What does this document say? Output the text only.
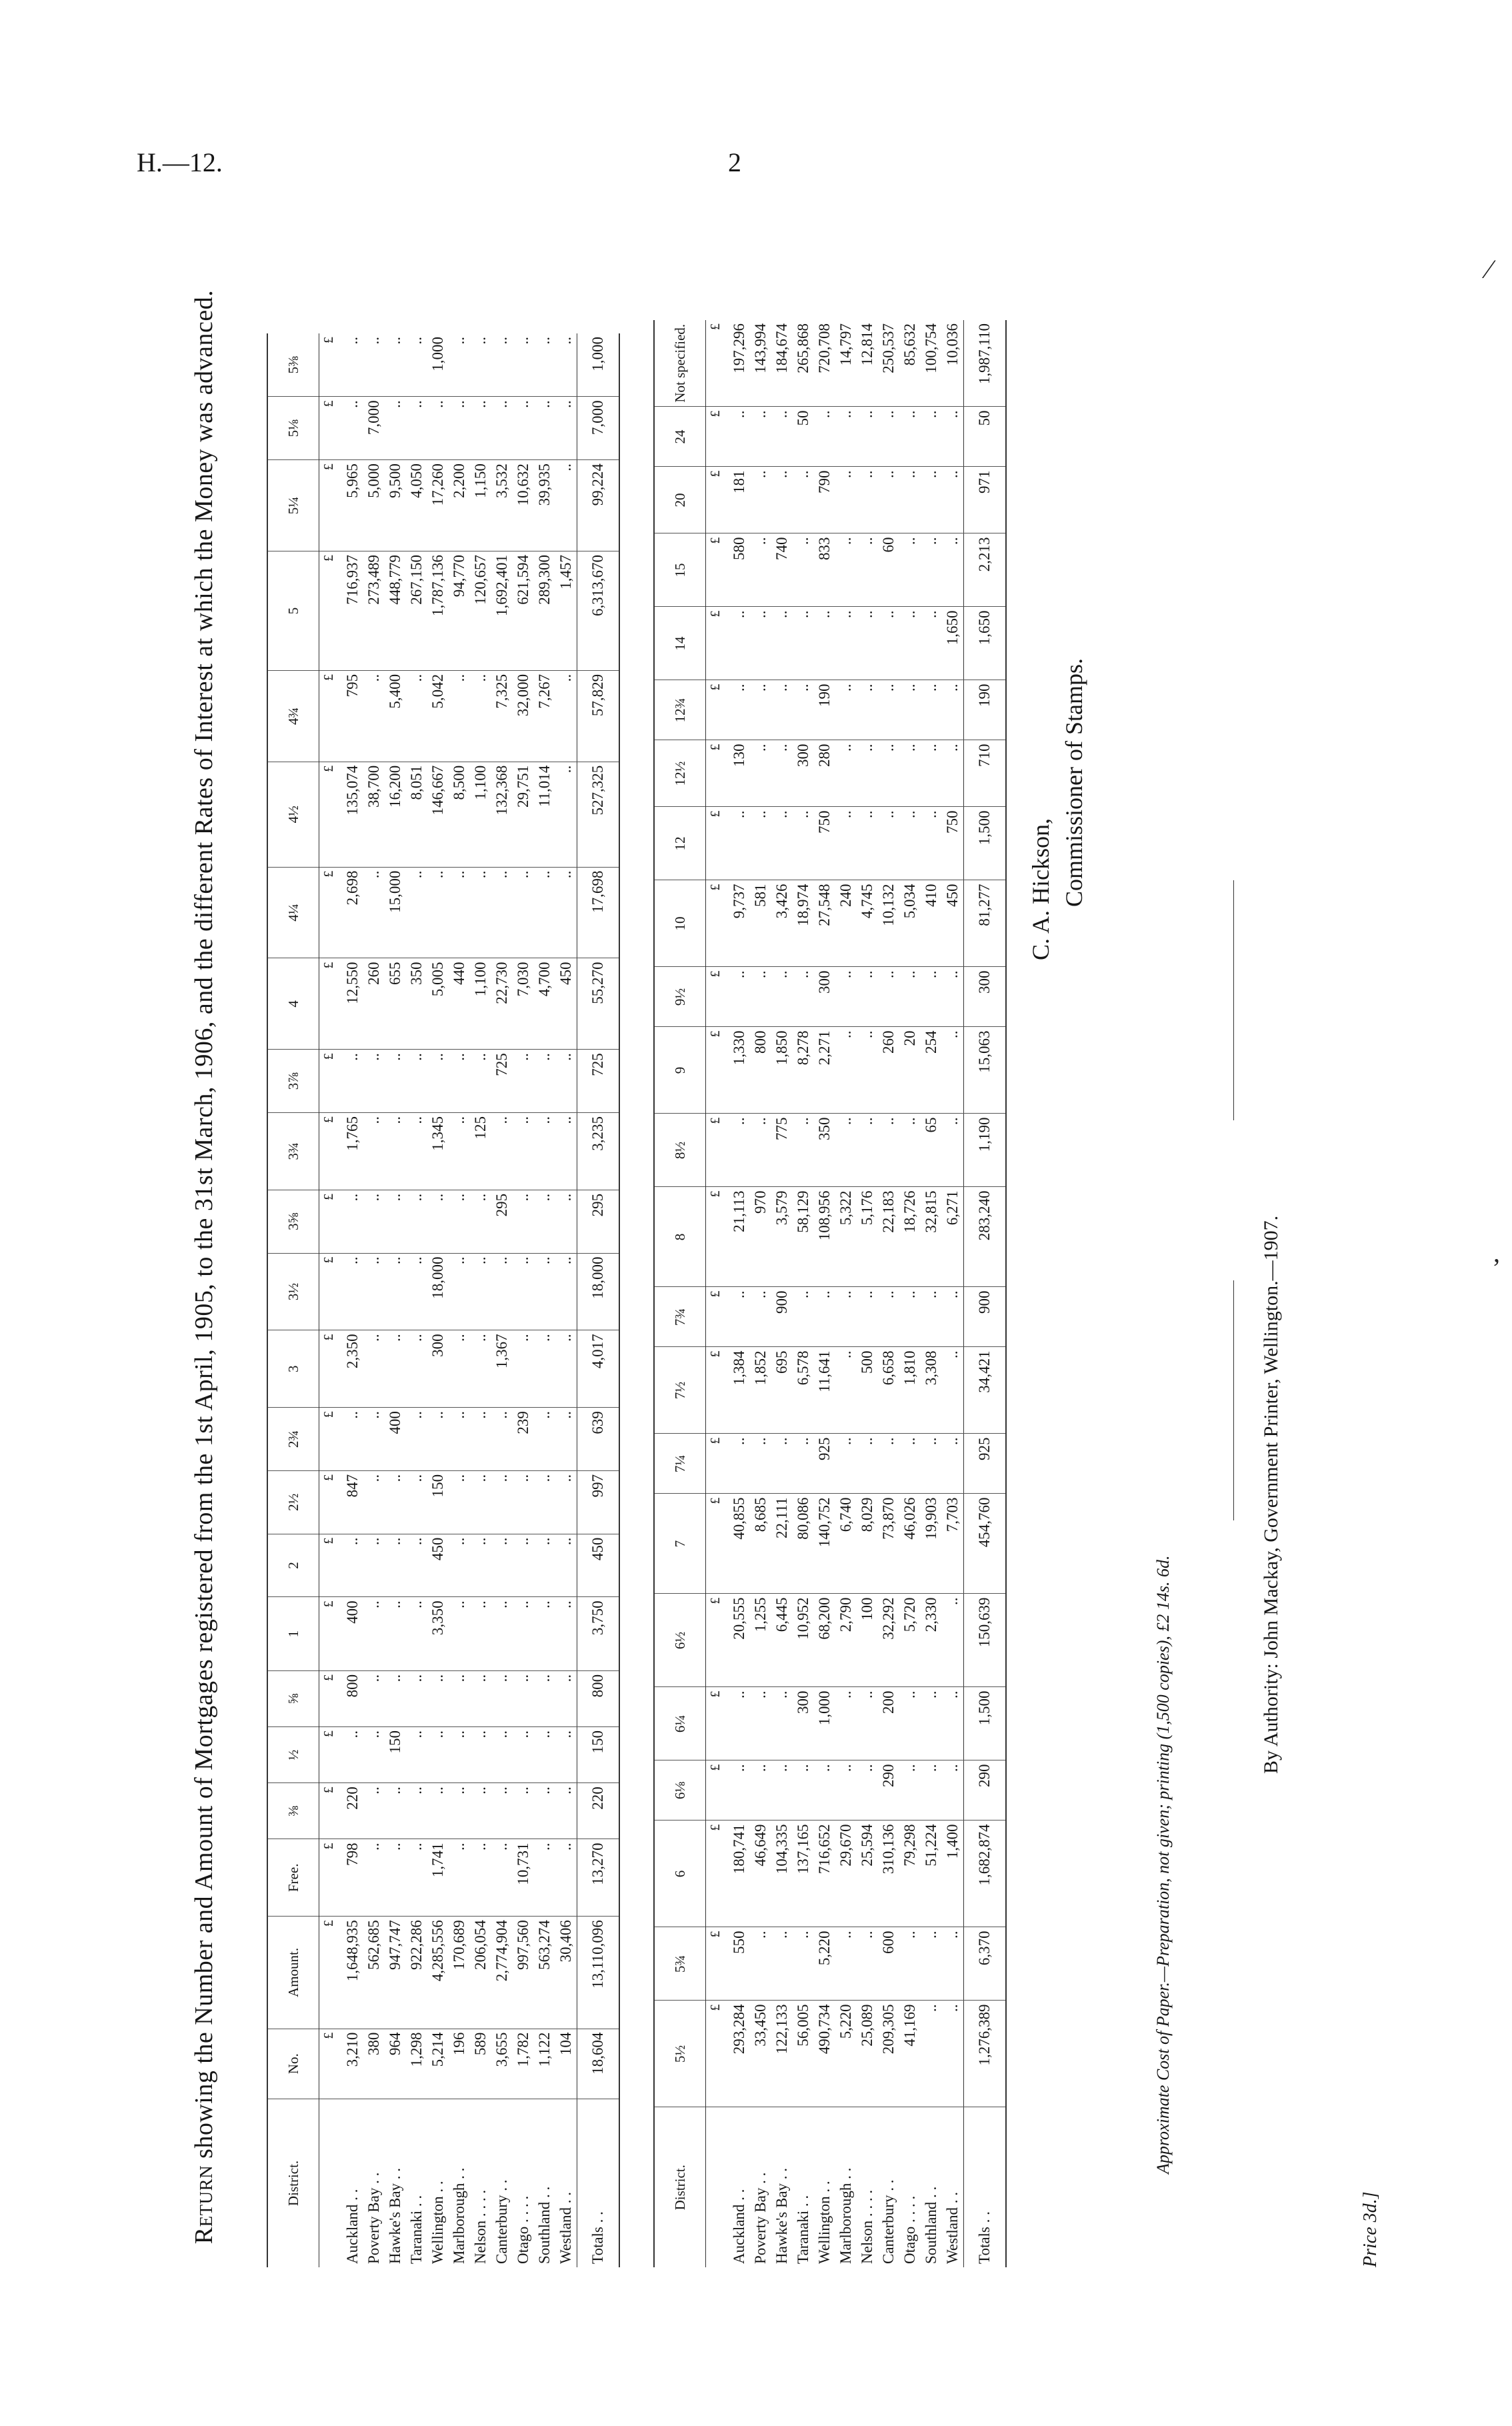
H.—12.	2
Return showing the Number and Amount of Mortgages registered from the 1st April, 1905, to the 31st March, 1906, and the different Rates of Interest at which the Money was advanced.
District.	No.	Amount.	Free.	⅜	½	⅝	1	2	2½	2¾	3	3½	3⅝	3¾	3⅞	4	4¼	4½	4¾	5	5¼	5⅛	5⅜
	£	£	£	£	£	£	£	£	£	£	£	£	£	£	£	£	£	£	£	£	£	£	£
Auckland . .	3,210	1,648,935	798	220	..	800	400	..	847	..	2,350	..	..	1,765	..	12,550	2,698	135,074	795	716,937	5,965	..	..
Poverty Bay . .	380	562,685	..	..	..	..	..	..	..	..	..	..	..	..	..	260	..	38,700	..	273,489	5,000	7,000	..
Hawke's Bay . .	964	947,747	..	..	150	..	..	..	..	400	..	..	..	..	..	655	15,000	16,200	5,400	448,779	9,500	..	..
Taranaki . .	1,298	922,286	..	..	..	..	..	..	..	..	..	..	..	..	..	350	..	8,051	..	267,150	4,050	..	..
Wellington . .	5,214	4,285,556	1,741	..	..	..	3,350	450	150	..	300	18,000	..	1,345	..	5,005	..	146,667	5,042	1,787,136	17,260	..	1,000
Marlborough . .	196	170,689	..	..	..	..	..	..	..	..	..	..	..	..	..	440	..	8,500	..	94,770	2,200	..	..
Nelson . . . .	589	206,054	..	..	..	..	..	..	..	..	..	..	..	125	..	1,100	..	1,100	..	120,657	1,150	..	..
Canterbury . .	3,655	2,774,904	..	..	..	..	..	..	..	..	1,367	..	295	..	725	22,730	..	132,368	7,325	1,692,401	3,532	..	..
Otago . . . .	1,782	997,560	10,731	..	..	..	..	..	..	239	..	..	..	..	..	7,030	..	29,751	32,000	621,594	10,632	..	..
Southland . .	1,122	563,274	..	..	..	..	..	..	..	..	..	..	..	..	..	4,700	..	11,014	7,267	289,300	39,935	..	..
Westland . .	104	30,406	..	..	..	..	..	..	..	..	..	..	..	..	..	450	..	..	..	1,457	..	..	..
Totals . .	18,604	13,110,096	13,270	220	150	800	3,750	450	997	639	4,017	18,000	295	3,235	725	55,270	17,698	527,325	57,829	6,313,670	99,224	7,000	1,000
District.	5½	5¾	6	6⅛	6¼	6½	7	7¼	7½	7¾	8	8½	9	9½	10	12	12½	12¾	14	15	20	24	Not specified.
	£	£	£	£	£	£	£	£	£	£	£	£	£	£	£	£	£	£	£	£	£	£	£
Auckland . .	293,284	550	180,741	..	..	20,555	40,855	..	1,384	..	21,113	..	1,330	..	9,737	..	130	..	..	580	181	..	197,296
Poverty Bay . .	33,450	..	46,649	..	..	1,255	8,685	..	1,852	..	970	..	800	..	581	..	..	..	..	..	..	..	143,994
Hawke's Bay . .	122,133	..	104,335	..	..	6,445	22,111	..	695	900	3,579	775	1,850	..	3,426	..	..	..	..	740	..	..	184,674
Taranaki . .	56,005	..	137,165	..	300	10,952	80,086	..	6,578	..	58,129	..	8,278	..	18,974	..	300	..	..	..	..	50	265,868
Wellington . .	490,734	5,220	716,652	..	1,000	68,200	140,752	925	11,641	..	108,956	350	2,271	300	27,548	750	280	190	..	833	790	..	720,708
Marlborough . .	5,220	..	29,670	..	..	2,790	6,740	..	..	..	5,322	..	..	..	240	..	..	..	..	..	..	..	14,797
Nelson . . . .	25,089	..	25,594	..	..	100	8,029	..	500	..	5,176	..	..	..	4,745	..	..	..	..	..	..	..	12,814
Canterbury . .	209,305	600	310,136	290	200	32,292	73,870	..	6,658	..	22,183	..	260	..	10,132	..	..	..	..	60	..	..	250,537
Otago . . . .	41,169	..	79,298	..	..	5,720	46,026	..	1,810	..	18,726	..	20	..	5,034	..	..	..	..	..	..	..	85,632
Southland . .	..	..	51,224	..	..	2,330	19,903	..	3,308	..	32,815	65	254	..	410	..	..	..	..	..	..	..	100,754
Westland . .	..	..	1,400	..	..	..	7,703	..	..	..	6,271	..	..	..	450	750	..	..	1,650	..	..	..	10,036
Totals . .	1,276,389	6,370	1,682,874	290	1,500	150,639	454,760	925	34,421	900	283,240	1,190	15,063	300	81,277	1,500	710	190	1,650	2,213	971	50	1,987,110
C. A. Hickson, Commissioner of Stamps.
Approximate Cost of Paper.—Preparation, not given; printing (1,500 copies), £2 14s. 6d.
By Authority: John Mackay, Government Printer, Wellington.—1907.
Price 3d.]
⁄
,
